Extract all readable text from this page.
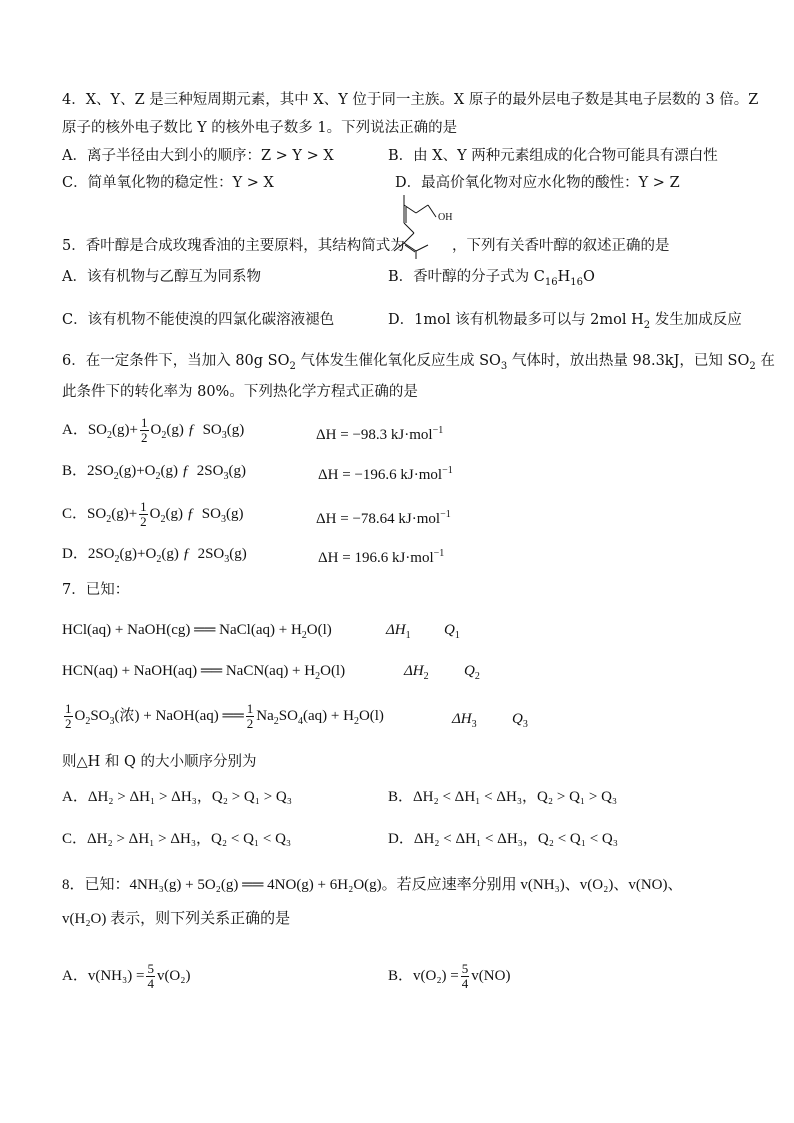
4．X、Y、Z 是三种短周期元素，其中 X、Y 位于同一主族。X 原子的最外层电子数是其电子层数的 3 倍。Z
原子的核外电子数比 Y 的核外电子数多 1。下列说法正确的是
A．离子半径由大到小的顺序：Z > Y > X	B．由 X、Y 两种元素组成的化合物可能具有漂白性
C．简单氧化物的稳定性：Y > X	D．最高价氧化物对应水化物的酸性：Y > Z
OH
5．香叶醇是合成玫瑰香油的主要原料，其结构简式为	，下列有关香叶醇的叙述正确的是
A．该有机物与乙醇互为同系物	B．香叶醇的分子式为 $C_{16}H_{16}O$
C．该有机物不能使溴的四氯化碳溶液褪色	D．1mol 该有机物最多可以与 2mol $H_2$ 发生加成反应
6．在一定条件下，当加入 80g $SO_2$ 气体发生催化氧化反应生成 $SO_3$ 气体时，放出热量 98.3kJ，已知 $SO_2$ 在
此条件下的转化率为 80%。下列热化学方程式正确的是
A．$SO_2(g)+ \frac{1}{2} O_2(g)$ ƒ $SO_3(g)$	ΔH = −98.3 kJ·mol$^{-1}$
B．$2SO_2(g)+O_2(g)$ ƒ $2SO_3(g)$	ΔH = −196.6 kJ·mol$^{-1}$
C．$SO_2(g)+ \frac{1}{2} O_2(g)$ ƒ $SO_3(g)$	ΔH = −78.64 kJ·mol$^{-1}$
D．$2SO_2(g)+O_2(g)$ ƒ $2SO_3(g)$	ΔH = 196.6 kJ·mol$^{-1}$
7．已知：
HCl(aq) + NaOH(cg) ══ NaCl(aq) + $H_2O(l)$	$\Delta H_1$ $Q_1$
HCN(aq) + NaOH(aq) ══ NaCN(aq) + $H_2O(l)$	$\Delta H_2$ $Q_2$
$\frac{1}{2} O_2SO_3$(浓) + NaOH(aq) ══ $\frac{1}{2} Na_2SO_4(aq) + H_2O(l)$	$\Delta H_3$ $Q_3$
则△H 和 Q 的大小顺序分别为
A．ΔH₂ > ΔH₁ > ΔH₃，Q₂ > Q₁ > Q₃	B．ΔH₂ < ΔH₁ < ΔH₃，Q₂ > Q₁ > Q₃
C．ΔH₂ > ΔH₁ > ΔH₃，Q₂ < Q₁ < Q₃	D．ΔH₂ < ΔH₁ < ΔH₃，Q₂ < Q₁ < Q₃
8．已知：4NH₃(g) + 5O₂(g) ══ 4NO(g) + 6H₂O(g)。若反应速率分别用 v(NH₃)、v(O₂)、v(NO)、
v(H₂O) 表示，则下列关系正确的是
A．$v(NH_3) = \frac{5}{4} v(O_2)$	B．$v(O_2) = \frac{5}{4} v(NO)$
